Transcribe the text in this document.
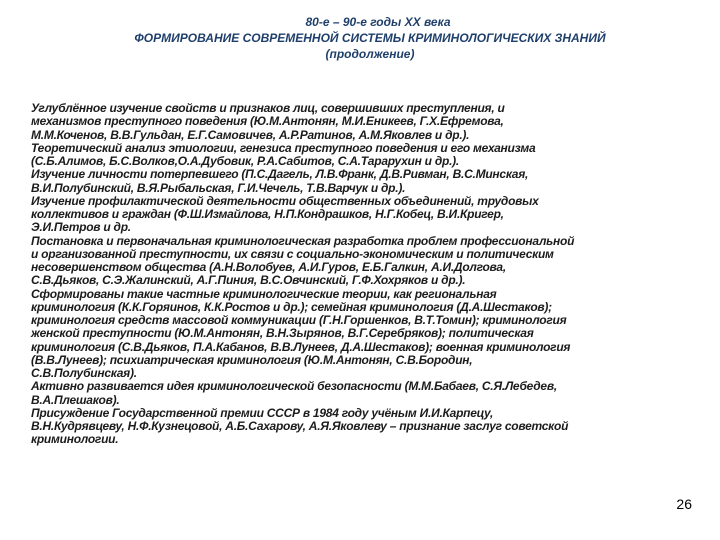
80-е – 90-е годы XX века
ФОРМИРОВАНИЕ СОВРЕМЕННОЙ СИСТЕМЫ КРИМИНОЛОГИЧЕСКИХ ЗНАНИЙ
(продолжение)
Углублённое изучение свойств и признаков лиц, совершивших преступления, и
механизмов преступного поведения (Ю.М.Антонян, М.И.Еникеев, Г.Х.Ефремова,
М.М.Коченов, В.В.Гульдан, Е.Г.Самовичев, А.Р.Ратинов, А.М.Яковлев и др.).
Теоретический анализ этиологии, генезиса преступного поведения и его механизма
(С.Б.Алимов, Б.С.Волков,О.А.Дубовик, Р.А.Сабитов, С.А.Тарарухин и др.).
Изучение личности потерпевшего (П.С.Дагель, Л.В.Франк, Д.В.Ривман, В.С.Минская,
В.И.Полубинский, В.Я.Рыбальская, Г.И.Чечель, Т.В.Варчук и др.).
Изучение профилактической деятельности общественных объединений, трудовых
коллективов и граждан (Ф.Ш.Измайлова, Н.П.Кондрашков, Н.Г.Кобец, В.И.Кригер,
Э.И.Петров и др.
Постановка и первоначальная криминологическая разработка проблем профессиональной
и организованной преступности, их связи с социально-экономическим и политическим
несовершенством общества (А.Н.Волобуев, А.И.Гуров, Е.Б.Галкин, А.И.Долгова,
С.В.Дьяков, С.Э.Жалинский, А.Г.Пиния, В.С.Овчинский, Г.Ф.Хохряков и др.).
Сформированы такие частные криминологические теории, как региональная
криминология (К.К.Горяинов, К.К.Ростов и др.); семейная криминология (Д.А.Шестаков);
криминология средств массовой коммуникации (Г.Н.Горшенков, В.Т.Томин); криминология
женской преступности (Ю.М.Антонян, В.Н.Зырянов, В.Г.Серебряков); политическая
криминология (С.В.Дьяков, П.А.Кабанов, В.В.Лунеев, Д.А.Шестаков); военная криминология
(В.В.Лунеев); психиатрическая криминология (Ю.М.Антонян, С.В.Бородин,
С.В.Полубинская).
Активно развивается идея криминологической безопасности (М.М.Бабаев, С.Я.Лебедев,
В.А.Плешаков).
Присуждение Государственной премии СССР в 1984 году учёным И.И.Карпецу,
В.Н.Кудрявцеву, Н.Ф.Кузнецовой, А.Б.Сахарову, А.Я.Яковлеву – признание заслуг советской
криминологии.
26
